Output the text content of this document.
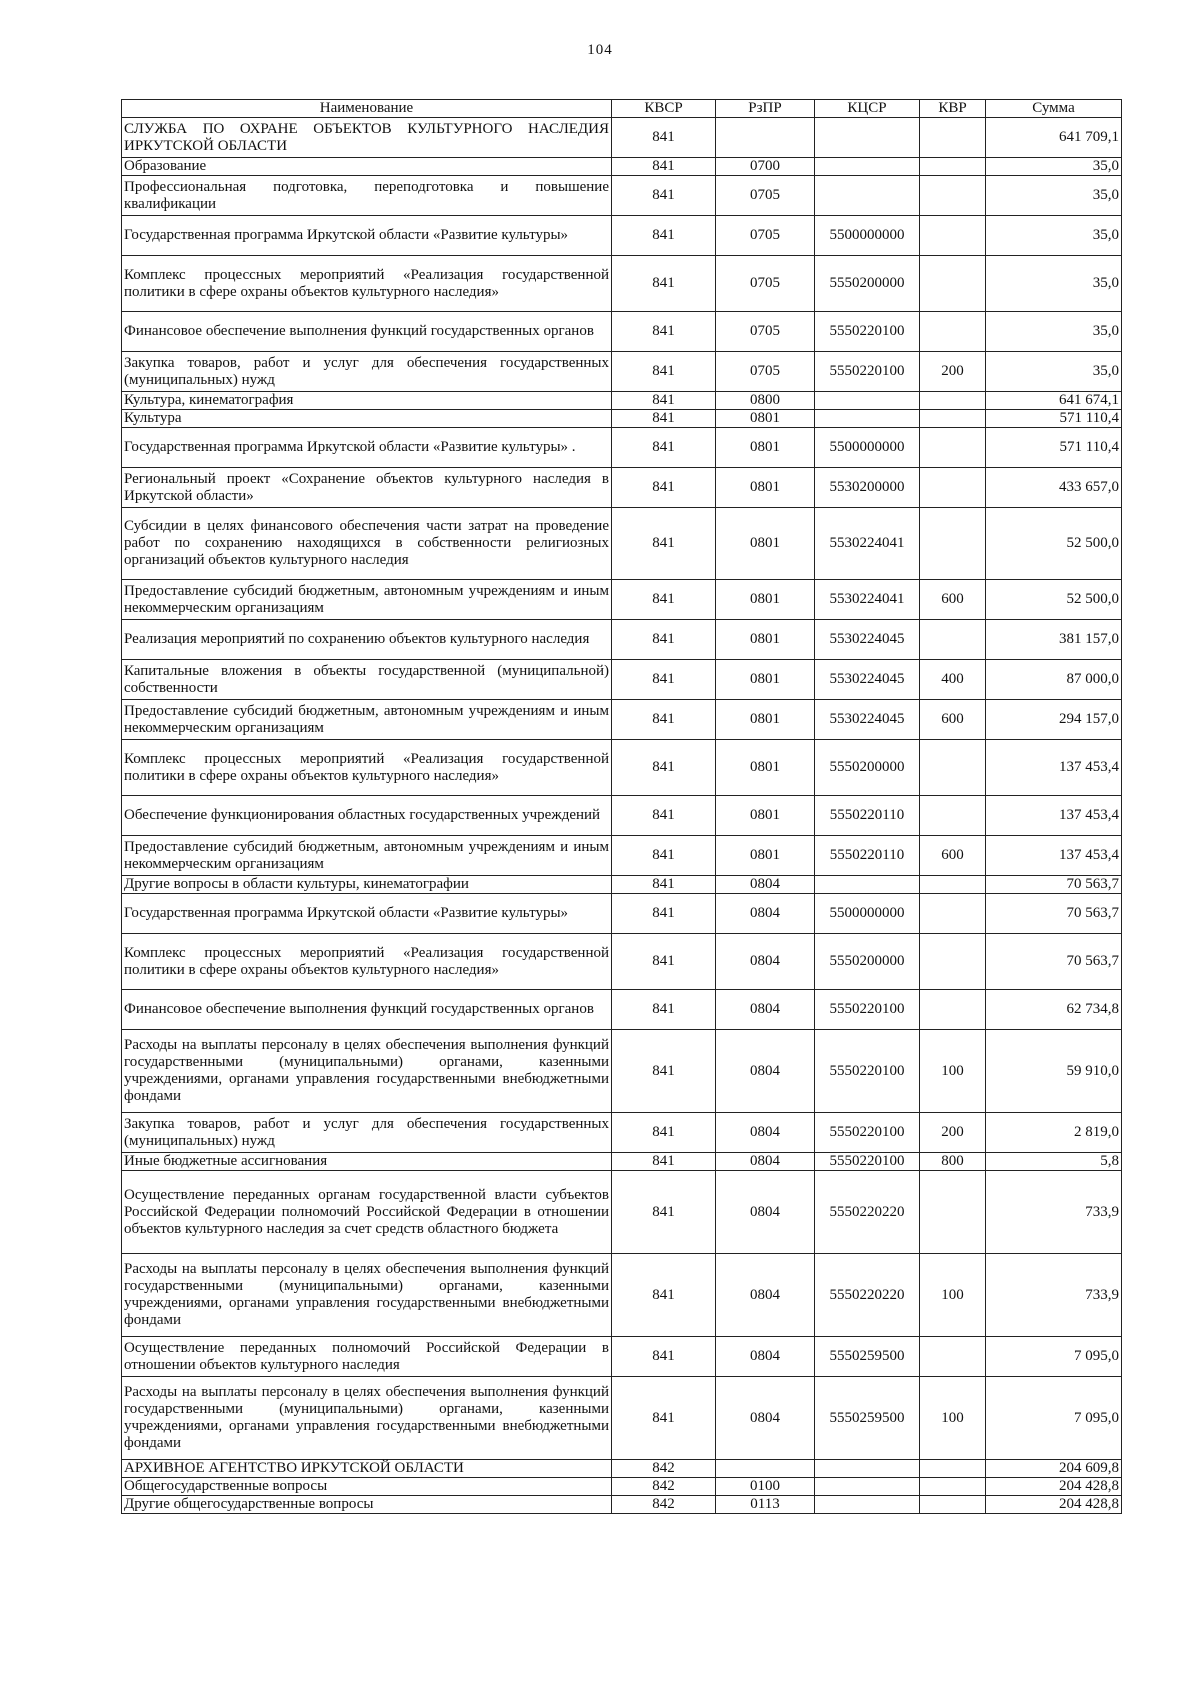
104
Наименование	КВСР	РзПР	КЦСР	КВР	Сумма
СЛУЖБА ПО ОХРАНЕ ОБЪЕКТОВ КУЛЬТУРНОГО НАСЛЕДИЯ ИРКУТСКОЙ ОБЛАСТИ	841				641 709,1
Образование	841	0700			35,0
Профессиональная подготовка, переподготовка и повышение квалификации	841	0705			35,0
Государственная программа Иркутской области «Развитие культуры»	841	0705	5500000000		35,0
Комплекс процессных мероприятий «Реализация государственной политики в сфере охраны объектов культурного наследия»	841	0705	5550200000		35,0
Финансовое обеспечение выполнения функций государственных органов	841	0705	5550220100		35,0
Закупка товаров, работ и услуг для обеспечения государственных (муниципальных) нужд	841	0705	5550220100	200	35,0
Культура, кинематография	841	0800			641 674,1
Культура	841	0801			571 110,4
Государственная программа Иркутской области «Развитие культуры» .	841	0801	5500000000		571 110,4
Региональный проект «Сохранение объектов культурного наследия в Иркутской области»	841	0801	5530200000		433 657,0
Субсидии в целях финансового обеспечения части затрат на проведение работ по сохранению находящихся в собственности религиозных организаций объектов культурного наследия	841	0801	5530224041		52 500,0
Предоставление субсидий бюджетным, автономным учреждениям и иным некоммерческим организациям	841	0801	5530224041	600	52 500,0
Реализация мероприятий по сохранению объектов культурного наследия	841	0801	5530224045		381 157,0
Капитальные вложения в объекты государственной (муниципальной) собственности	841	0801	5530224045	400	87 000,0
Предоставление субсидий бюджетным, автономным учреждениям и иным некоммерческим организациям	841	0801	5530224045	600	294 157,0
Комплекс процессных мероприятий «Реализация государственной политики в сфере охраны объектов культурного наследия»	841	0801	5550200000		137 453,4
Обеспечение функционирования областных государственных учреждений	841	0801	5550220110		137 453,4
Предоставление субсидий бюджетным, автономным учреждениям и иным некоммерческим организациям	841	0801	5550220110	600	137 453,4
Другие вопросы в области культуры, кинематографии	841	0804			70 563,7
Государственная программа Иркутской области «Развитие культуры»	841	0804	5500000000		70 563,7
Комплекс процессных мероприятий «Реализация государственной политики в сфере охраны объектов культурного наследия»	841	0804	5550200000		70 563,7
Финансовое обеспечение выполнения функций государственных органов	841	0804	5550220100		62 734,8
Расходы на выплаты персоналу в целях обеспечения выполнения функций государственными (муниципальными) органами, казенными учреждениями, органами управления государственными внебюджетными фондами	841	0804	5550220100	100	59 910,0
Закупка товаров, работ и услуг для обеспечения государственных (муниципальных) нужд	841	0804	5550220100	200	2 819,0
Иные бюджетные ассигнования	841	0804	5550220100	800	5,8
Осуществление переданных органам государственной власти субъектов Российской Федерации полномочий Российской Федерации в отношении объектов культурного наследия за счет средств областного бюджета	841	0804	5550220220		733,9
Расходы на выплаты персоналу в целях обеспечения выполнения функций государственными (муниципальными) органами, казенными учреждениями, органами управления государственными внебюджетными фондами	841	0804	5550220220	100	733,9
Осуществление переданных полномочий Российской Федерации в отношении объектов культурного наследия	841	0804	5550259500		7 095,0
Расходы на выплаты персоналу в целях обеспечения выполнения функций государственными (муниципальными) органами, казенными учреждениями, органами управления государственными внебюджетными фондами	841	0804	5550259500	100	7 095,0
АРХИВНОЕ АГЕНТСТВО ИРКУТСКОЙ ОБЛАСТИ	842				204 609,8
Общегосударственные вопросы	842	0100			204 428,8
Другие общегосударственные вопросы	842	0113			204 428,8
